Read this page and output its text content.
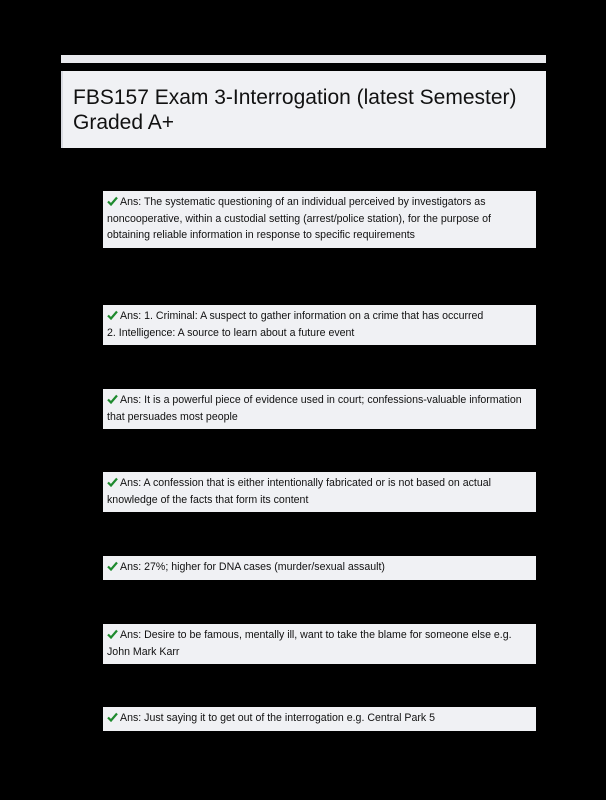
FBS157 Exam 3-Interrogation (latest Semester) Graded A+
Ans: The systematic questioning of an individual perceived by investigators as
noncooperative, within a custodial setting (arrest/police station), for the purpose of
obtaining reliable information in response to specific requirements
Ans: 1. Criminal: A suspect to gather information on a crime that has occurred
2. Intelligence: A source to learn about a future event
Ans: It is a powerful piece of evidence used in court; confessions-valuable information
that persuades most people
Ans: A confession that is either intentionally fabricated or is not based on actual
knowledge of the facts that form its content
Ans: 27%; higher for DNA cases (murder/sexual assault)
Ans: Desire to be famous, mentally ill, want to take the blame for someone else e.g.
John Mark Karr
Ans: Just saying it to get out of the interrogation e.g. Central Park 5
